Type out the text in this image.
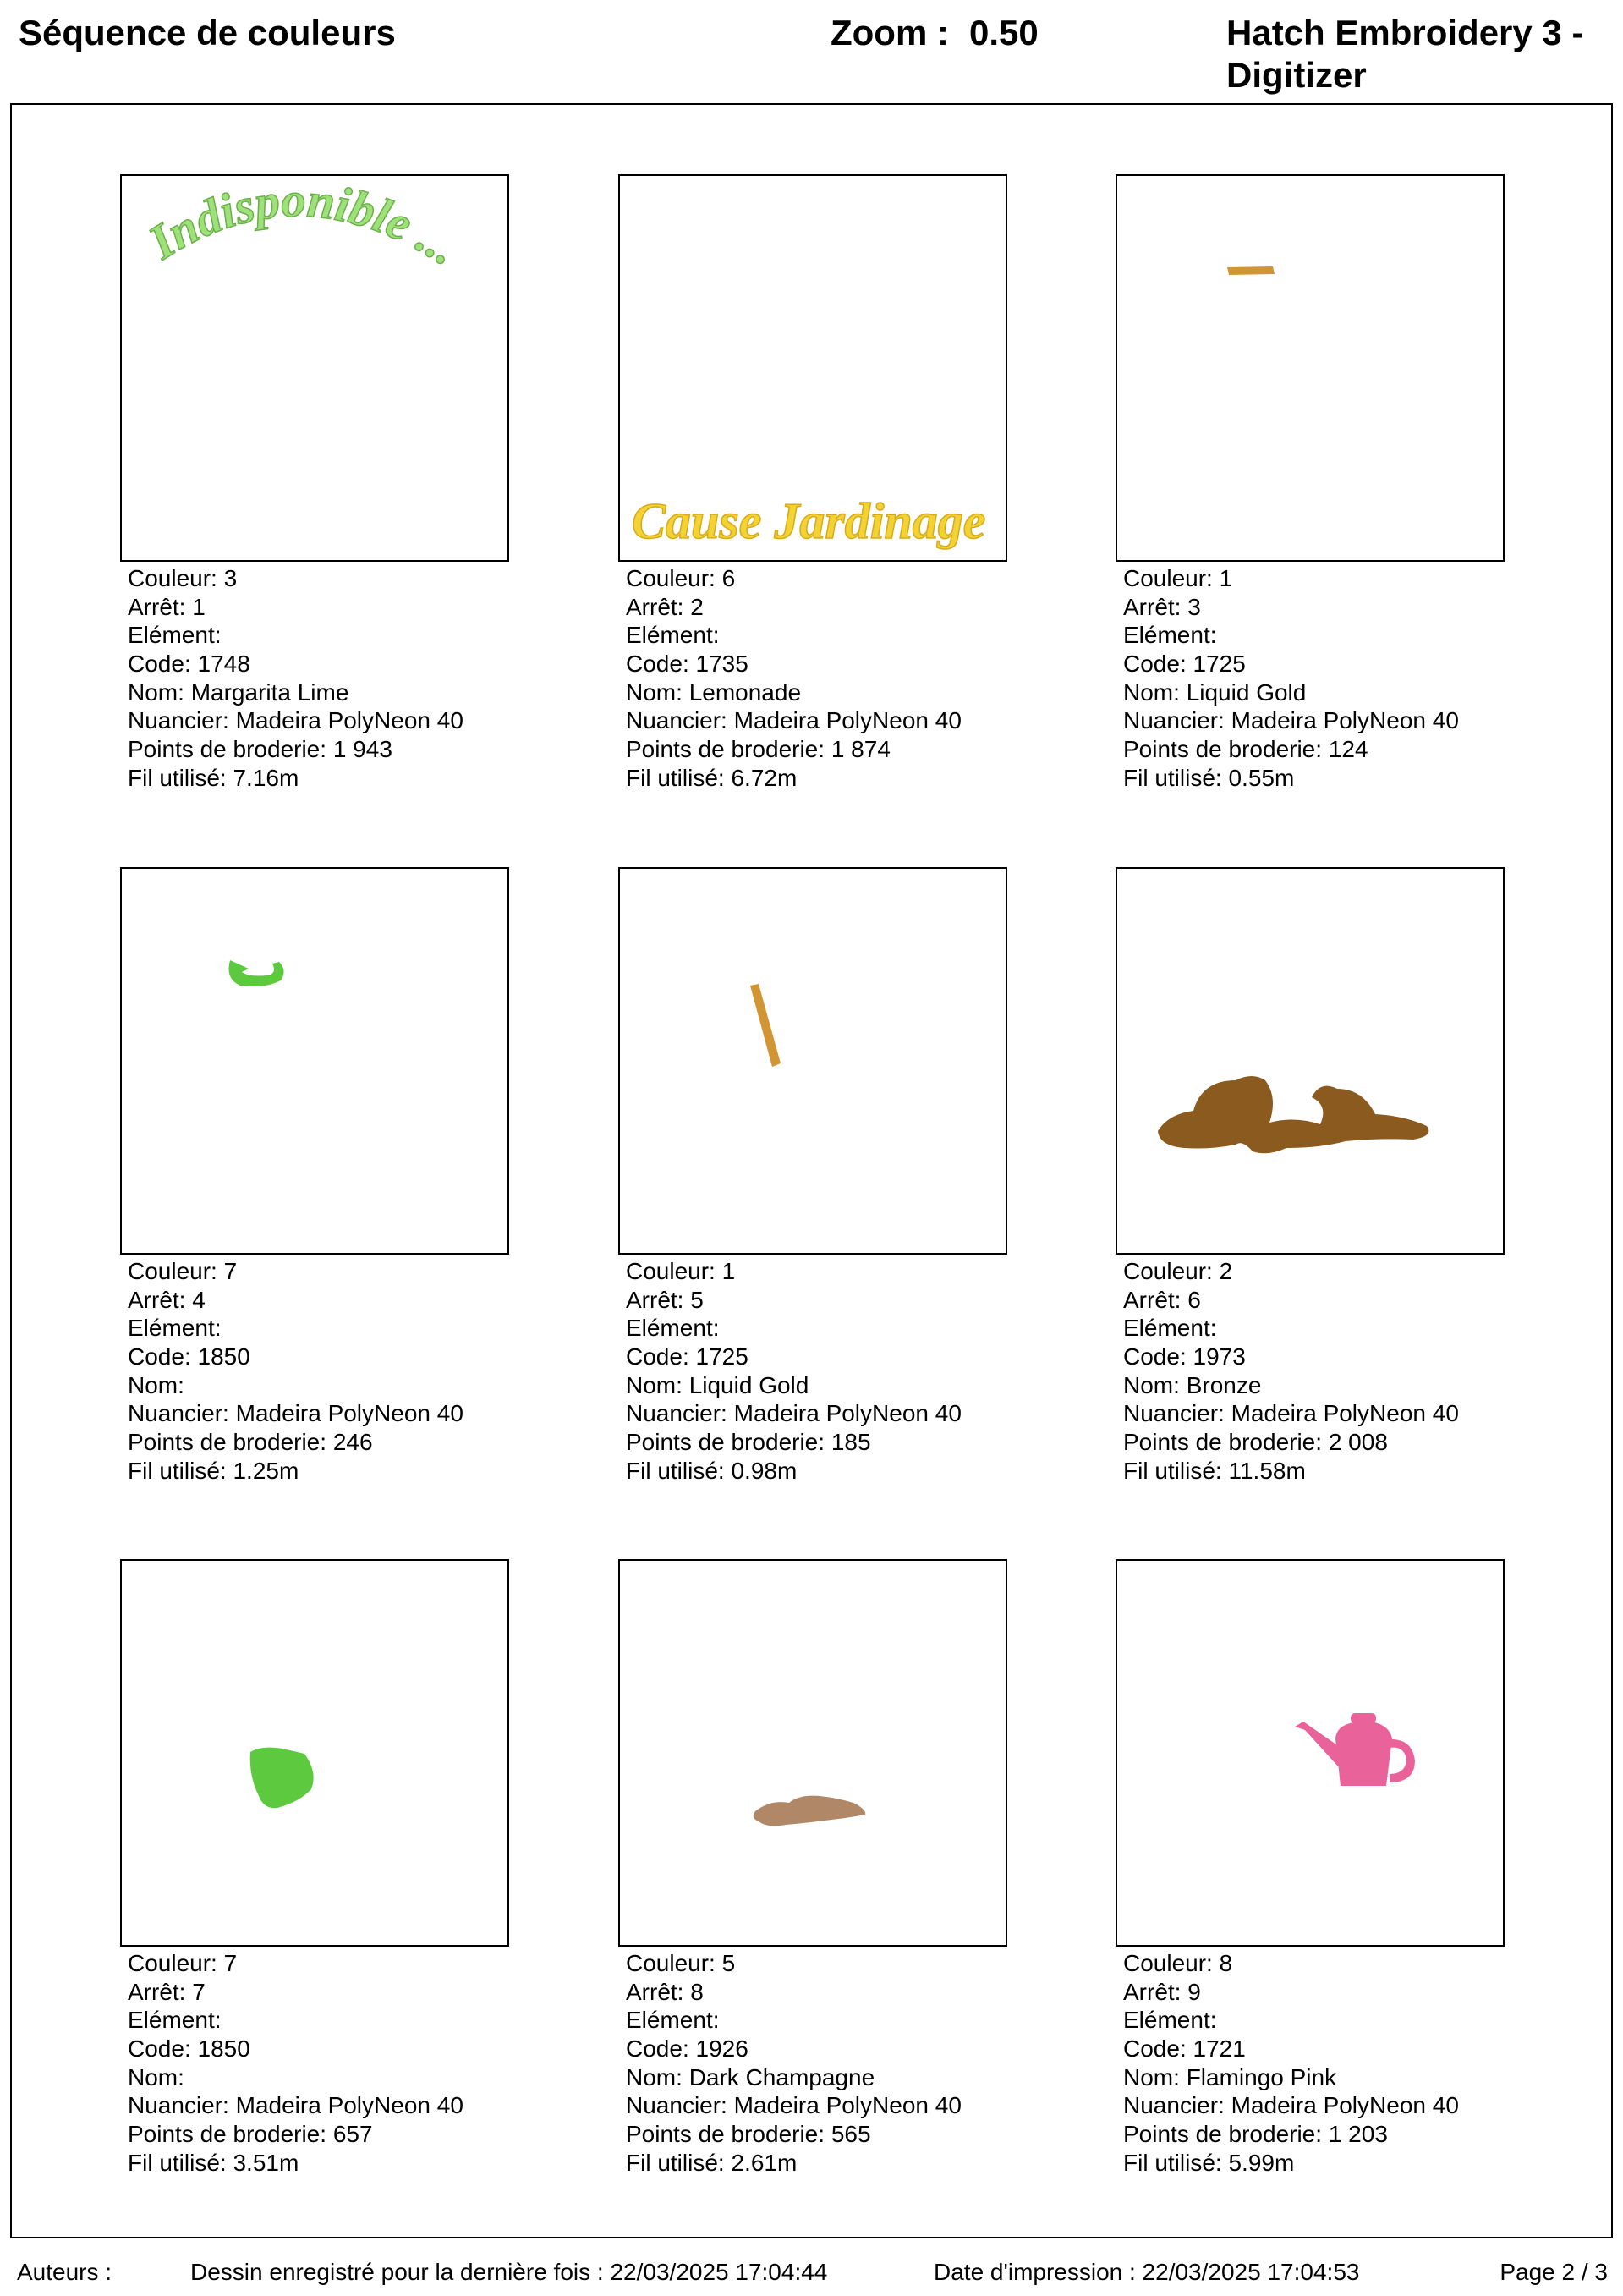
Séquence de couleurs	Zoom : 0.50	Hatch Embroidery 3 -
Digitizer
Indisponible ...
Couleur: 3
Arrêt: 1
Elément:
Code: 1748
Nom: Margarita Lime
Nuancier: Madeira PolyNeon 40
Points de broderie: 1 943
Fil utilisé: 7.16m
Cause Jardinage
Couleur: 6
Arrêt: 2
Elément:
Code: 1735
Nom: Lemonade
Nuancier: Madeira PolyNeon 40
Points de broderie: 1 874
Fil utilisé: 6.72m
Couleur: 1
Arrêt: 3
Elément:
Code: 1725
Nom: Liquid Gold
Nuancier: Madeira PolyNeon 40
Points de broderie: 124
Fil utilisé: 0.55m
Couleur: 7
Arrêt: 4
Elément:
Code: 1850
Nom:
Nuancier: Madeira PolyNeon 40
Points de broderie: 246
Fil utilisé: 1.25m
Couleur: 1
Arrêt: 5
Elément:
Code: 1725
Nom: Liquid Gold
Nuancier: Madeira PolyNeon 40
Points de broderie: 185
Fil utilisé: 0.98m
Couleur: 2
Arrêt: 6
Elément:
Code: 1973
Nom: Bronze
Nuancier: Madeira PolyNeon 40
Points de broderie: 2 008
Fil utilisé: 11.58m
Couleur: 7
Arrêt: 7
Elément:
Code: 1850
Nom:
Nuancier: Madeira PolyNeon 40
Points de broderie: 657
Fil utilisé: 3.51m
Couleur: 5
Arrêt: 8
Elément:
Code: 1926
Nom: Dark Champagne
Nuancier: Madeira PolyNeon 40
Points de broderie: 565
Fil utilisé: 2.61m
Couleur: 8
Arrêt: 9
Elément:
Code: 1721
Nom: Flamingo Pink
Nuancier: Madeira PolyNeon 40
Points de broderie: 1 203
Fil utilisé: 5.99m
Auteurs :	Dessin enregistré pour la dernière fois : 22/03/2025 17:04:44	Date d'impression : 22/03/2025 17:04:53	Page 2 / 3
